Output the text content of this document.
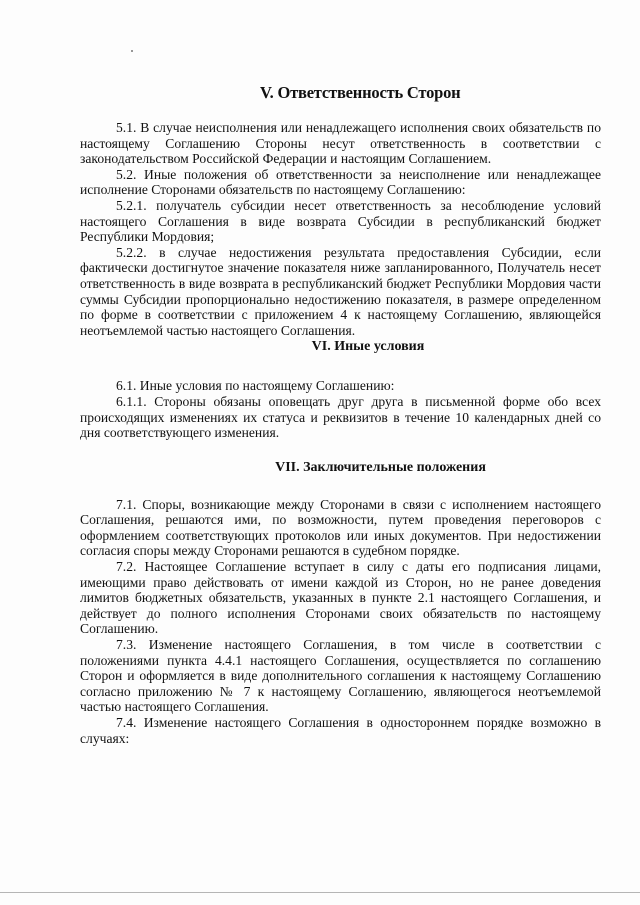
V. Ответственность Сторон

5.1. В случае неисполнения или ненадлежащего исполнения своих обязательств по настоящему Соглашению Стороны несут ответственность в соответствии с законодательством Российской Федерации и настоящим Соглашением.

5.2. Иные положения об ответственности за неисполнение или ненадлежащее исполнение Сторонами обязательств по настоящему Соглашению:

5.2.1. получатель субсидии несет ответственность за несоблюдение условий настоящего Соглашения в виде возврата Субсидии в республиканский бюджет Республики Мордовия;

5.2.2. в случае недостижения результата предоставления Субсидии, если фактически достигнутое значение показателя ниже запланированного, Получатель несет ответственность в виде возврата в республиканский бюджет Республики Мордовия части суммы Субсидии пропорционально недостижению показателя, в размере определенном по форме в соответствии с приложением 4 к настоящему Соглашению, являющейся неотъемлемой частью настоящего Соглашения.

VI. Иные условия

6.1. Иные условия по настоящему Соглашению:

6.1.1. Стороны обязаны оповещать друг друга в письменной форме обо всех происходящих изменениях их статуса и реквизитов в течение 10 календарных дней со дня соответствующего изменения.

VII. Заключительные положения

7.1. Споры, возникающие между Сторонами в связи с исполнением настоящего Соглашения, решаются ими, по возможности, путем проведения переговоров с оформлением соответствующих протоколов или иных документов. При недостижении согласия споры между Сторонами решаются в судебном порядке.

7.2. Настоящее Соглашение вступает в силу с даты его подписания лицами, имеющими право действовать от имени каждой из Сторон, но не ранее доведения лимитов бюджетных обязательств, указанных в пункте 2.1 настоящего Соглашения, и действует до полного исполнения Сторонами своих обязательств по настоящему Соглашению.

7.3. Изменение настоящего Соглашения, в том числе в соответствии с положениями пункта 4.4.1 настоящего Соглашения, осуществляется по соглашению Сторон и оформляется в виде дополнительного соглашения к настоящему Соглашению согласно приложению № 7 к настоящему Соглашению, являющегося неотъемлемой частью настоящего Соглашения.

7.4. Изменение настоящего Соглашения в одностороннем порядке возможно в случаях:
